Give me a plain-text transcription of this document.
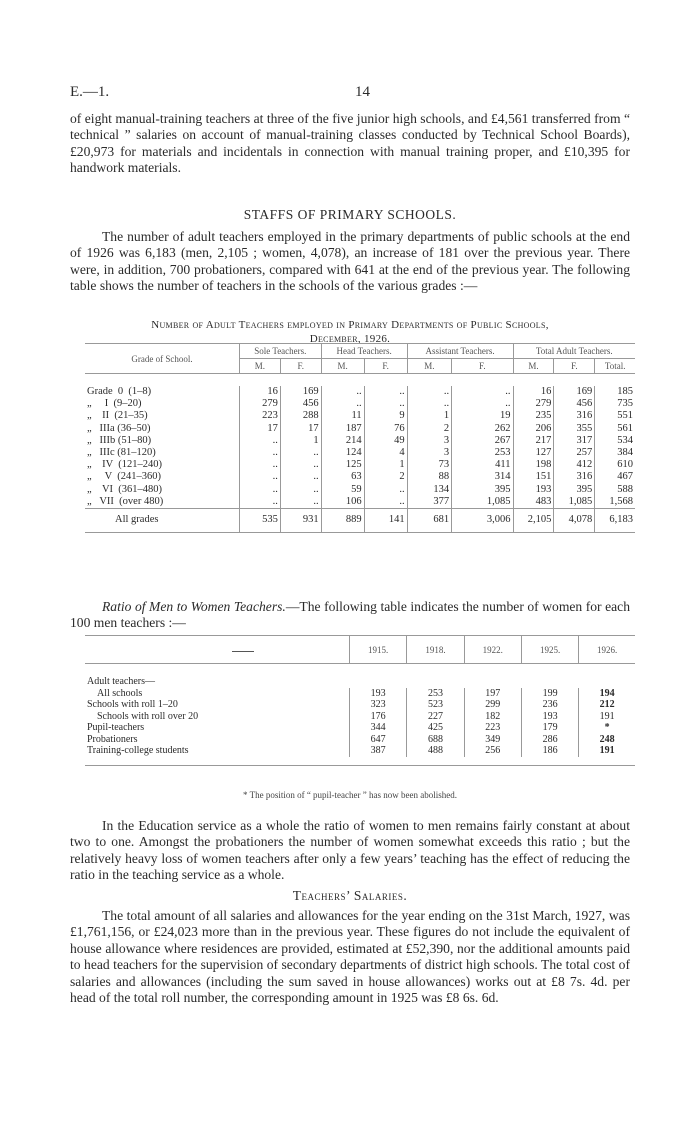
E.—1.	14

of eight manual-training teachers at three of the five junior high schools, and £4,561 transferred from “ technical ” salaries on account of manual-training classes conducted by Technical School Boards), £20,973 for materials and incidentals in connection with manual training proper, and £10,395 for handwork materials.

STAFFS OF PRIMARY SCHOOLS.

The number of adult teachers employed in the primary departments of public schools at the end of 1926 was 6,183 (men, 2,105 ; women, 4,078), an increase of 181 over the previous year. There were, in addition, 700 probationers, compared with 641 at the end of the previous year. The following table shows the number of teachers in the schools of the various grades :—

Number of Adult Teachers employed in Primary Departments of Public Schools,
December, 1926.
Grade of School.	Sole Teachers.		Head Teachers.		Assistant Teachers.		Total Adult Teachers.		
	M.	F.	M.	F.	M.	F.	M.	F.	Total.

Grade  0  (1–8)	16	169	..	..	..	..	16	169	185
„     I  (9–20)	279	456	..	..	..	..	279	456	735
„    II  (21–35)	223	288	11	9	1	19	235	316	551
„   IIIa (36–50)	17	17	187	76	2	262	206	355	561
„   IIIb (51–80)	..	1	214	49	3	267	217	317	534
„   IIIc (81–120)	..	..	124	4	3	253	127	257	384
„    IV  (121–240)	..	..	125	1	73	411	198	412	610
„     V  (241–360)	..	..	63	2	88	314	151	316	467
„    VI  (361–480)	..	..	59	..	134	395	193	395	588
„   VII  (over 480)	..	..	106	..	377	1,085	483	1,085	1,568
All grades	535	931	889	141	681	3,006	2,105	4,078	6,183

Ratio of Men to Women Teachers.—The following table indicates the number of women for each 100 men teachers :—

	1915.	1918.	1922.	1925.	1926.

Adult teachers—					
All schools	193	253	197	199	194
Schools with roll 1–20	323	523	299	236	212
Schools with roll over 20	176	227	182	193	191
Pupil-teachers	344	425	223	179	*
Probationers	647	688	349	286	248
Training-college students	387	488	256	186	191

* The position of “ pupil-teacher ” has now been abolished.

In the Education service as a whole the ratio of women to men remains fairly constant at about two to one. Amongst the probationers the number of women somewhat exceeds this ratio ; but the relatively heavy loss of women teachers after only a few years’ teaching has the effect of reducing the ratio in the teaching service as a whole.

Teachers’ Salaries.

The total amount of all salaries and allowances for the year ending on the 31st March, 1927, was £1,761,156, or £24,023 more than in the previous year. These figures do not include the equivalent of house allowance where residences are provided, estimated at £52,390, nor the additional amounts paid to head teachers for the supervision of secondary departments of district high schools. The total cost of salaries and allowances (including the sum saved in house allowances) works out at £8 7s. 4d. per head of the total roll number, the corresponding amount in 1925 was £8 6s. 6d.
